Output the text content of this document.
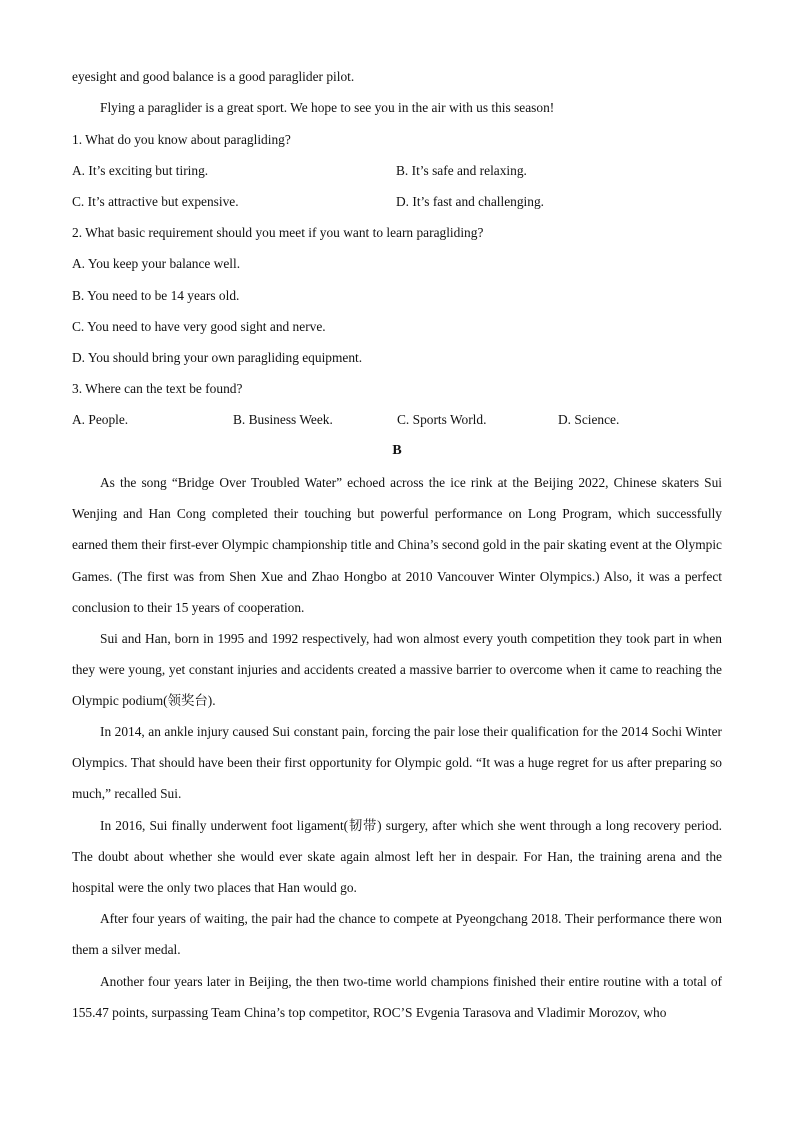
eyesight and good balance is a good paraglider pilot.
Flying a paraglider is a great sport. We hope to see you in the air with us this season!
1. What do you know about paragliding?
A. It’s exciting but tiring.	B. It’s safe and relaxing.
C. It’s attractive but expensive.	D. It’s fast and challenging.
2. What basic requirement should you meet if you want to learn paragliding?
A. You keep your balance well.
B. You need to be 14 years old.
C. You need to have very good sight and nerve.
D. You should bring your own paragliding equipment.
3. Where can the text be found?
A. People.	B. Business Week.	C. Sports World.	D. Science.
B

As the song “Bridge Over Troubled Water” echoed across the ice rink at the Beijing 2022, Chinese skaters Sui Wenjing and Han Cong completed their touching but powerful performance on Long Program, which successfully earned them their first-ever Olympic championship title and China’s second gold in the pair skating event at the Olympic Games. (The first was from Shen Xue and Zhao Hongbo at 2010 Vancouver Winter Olympics.) Also, it was a perfect conclusion to their 15 years of cooperation.

Sui and Han, born in 1995 and 1992 respectively, had won almost every youth competition they took part in when they were young, yet constant injuries and accidents created a massive barrier to overcome when it came to reaching the Olympic podium(领奖台).

In 2014, an ankle injury caused Sui constant pain, forcing the pair lose their qualification for the 2014 Sochi Winter Olympics. That should have been their first opportunity for Olympic gold. “It was a huge regret for us after preparing so much,” recalled Sui.

In 2016, Sui finally underwent foot ligament(韧带) surgery, after which she went through a long recovery period. The doubt about whether she would ever skate again almost left her in despair. For Han, the training arena and the hospital were the only two places that Han would go.

After four years of waiting, the pair had the chance to compete at Pyeongchang 2018. Their performance there won them a silver medal.

Another four years later in Beijing, the then two-time world champions finished their entire routine with a total of 155.47 points, surpassing Team China’s top competitor, ROC’S Evgenia Tarasova and Vladimir Morozov, who
